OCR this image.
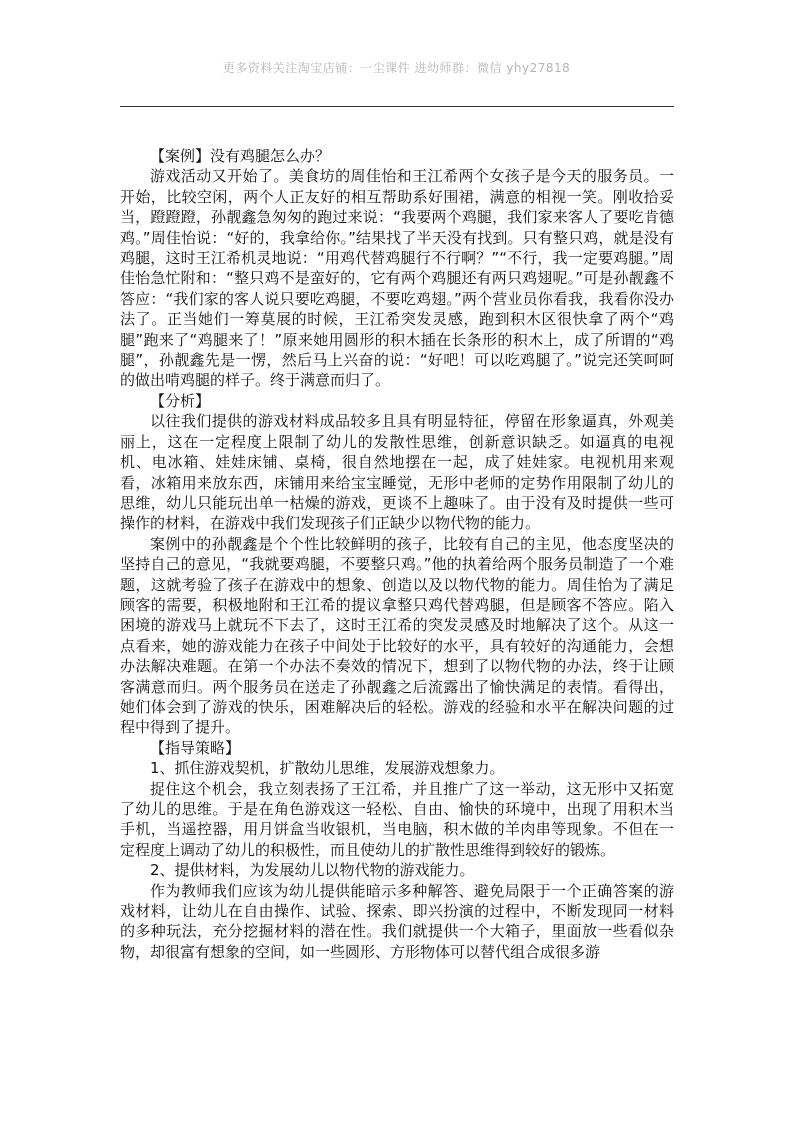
更多资料关注淘宝店铺：一尘课件 进幼师群：微信 yhy27818

【案例】没有鸡腿怎么办？

游戏活动又开始了。美食坊的周佳怡和王江希两个女孩子是今天的服务员。一开始，比较空闲，两个人正友好的相互帮助系好围裙，满意的相视一笑。刚收拾妥当，蹬蹬蹬，孙靓鑫急匆匆的跑过来说：“我要两个鸡腿，我们家来客人了要吃肯德鸡。”周佳怡说：“好的，我拿给你。”结果找了半天没有找到。只有整只鸡，就是没有鸡腿，这时王江希机灵地说：“用鸡代替鸡腿行不行啊？”“不行，我一定要鸡腿。”周佳怡急忙附和：“整只鸡不是蛮好的，它有两个鸡腿还有两只鸡翅呢。”可是孙靓鑫不答应：“我们家的客人说只要吃鸡腿，不要吃鸡翅。”两个营业员你看我，我看你没办法了。正当她们一筹莫展的时候，王江希突发灵感，跑到积木区很快拿了两个“鸡腿”跑来了“鸡腿来了！”原来她用圆形的积木插在长条形的积木上，成了所谓的“鸡腿”，孙靓鑫先是一愣，然后马上兴奋的说：“好吧！可以吃鸡腿了。”说完还笑呵呵的做出啃鸡腿的样子。终于满意而归了。

【分析】

以往我们提供的游戏材料成品较多且具有明显特征，停留在形象逼真，外观美丽上，这在一定程度上限制了幼儿的发散性思维，创新意识缺乏。如逼真的电视机、电冰箱、娃娃床铺、桌椅，很自然地摆在一起，成了娃娃家。电视机用来观看，冰箱用来放东西，床铺用来给宝宝睡觉，无形中老师的定势作用限制了幼儿的思维，幼儿只能玩出单一枯燥的游戏，更谈不上趣味了。由于没有及时提供一些可操作的材料，在游戏中我们发现孩子们正缺少以物代物的能力。

案例中的孙靓鑫是个个性比较鲜明的孩子，比较有自己的主见，他态度坚决的坚持自己的意见，“我就要鸡腿，不要整只鸡。”他的执着给两个服务员制造了一个难题，这就考验了孩子在游戏中的想象、创造以及以物代物的能力。周佳怡为了满足顾客的需要，积极地附和王江希的提议拿整只鸡代替鸡腿，但是顾客不答应。陷入困境的游戏马上就玩不下去了，这时王江希的突发灵感及时地解决了这个。从这一点看来，她的游戏能力在孩子中间处于比较好的水平，具有较好的沟通能力，会想办法解决难题。在第一个办法不奏效的情况下，想到了以物代物的办法，终于让顾客满意而归。两个服务员在送走了孙靓鑫之后流露出了愉快满足的表情。看得出，她们体会到了游戏的快乐，困难解决后的轻松。游戏的经验和水平在解决问题的过程中得到了提升。

【指导策略】

1、抓住游戏契机，扩散幼儿思维，发展游戏想象力。

捉住这个机会，我立刻表扬了王江希，并且推广了这一举动，这无形中又拓宽了幼儿的思维。于是在角色游戏这一轻松、自由、愉快的环境中，出现了用积木当手机，当遥控器，用月饼盒当收银机，当电脑，积木做的羊肉串等现象。不但在一定程度上调动了幼儿的积极性，而且使幼儿的扩散性思维得到较好的锻炼。

2、提供材料，为发展幼儿以物代物的游戏能力。

作为教师我们应该为幼儿提供能暗示多种解答、避免局限于一个正确答案的游戏材料，让幼儿在自由操作、试验、探索、即兴扮演的过程中，不断发现同一材料的多种玩法，充分挖掘材料的潜在性。我们就提供一个大箱子，里面放一些看似杂物，却很富有想象的空间，如一些圆形、方形物体可以替代组合成很多游
